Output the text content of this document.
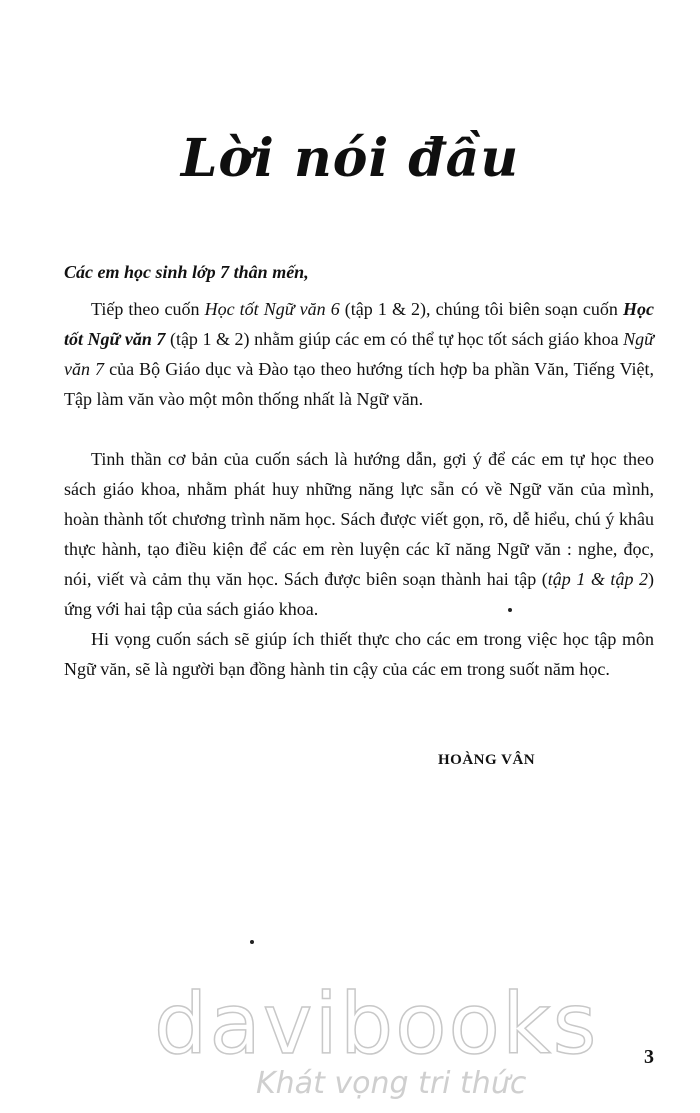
Lời nói đầu
Các em học sinh lớp 7 thân mến,
  Tiếp theo cuốn Học tốt Ngữ văn 6 (tập 1 & 2), chúng tôi biên soạn cuốn Học tốt Ngữ văn 7 (tập 1 & 2) nhằm giúp các em có thể tự học tốt sách giáo khoa Ngữ văn 7 của Bộ Giáo dục và Đào tạo theo hướng tích hợp ba phần Văn, Tiếng Việt, Tập làm văn vào một môn thống nhất là Ngữ văn.
  Tinh thần cơ bản của cuốn sách là hướng dẫn, gợi ý để các em tự học theo sách giáo khoa, nhằm phát huy những năng lực sẵn có về Ngữ văn của mình, hoàn thành tốt chương trình năm học. Sách được viết gọn, rõ, dễ hiểu, chú ý khâu thực hành, tạo điều kiện để các em rèn luyện các kĩ năng Ngữ văn : nghe, đọc, nói, viết và cảm thụ văn học. Sách được biên soạn thành hai tập (tập 1 & tập 2) ứng với hai tập của sách giáo khoa.
  Hi vọng cuốn sách sẽ giúp ích thiết thực cho các em trong việc học tập môn Ngữ văn, sẽ là người bạn đồng hành tin cậy của các em trong suốt năm học.
HOÀNG VÂN
davibooks
Khát vọng tri thức
3
